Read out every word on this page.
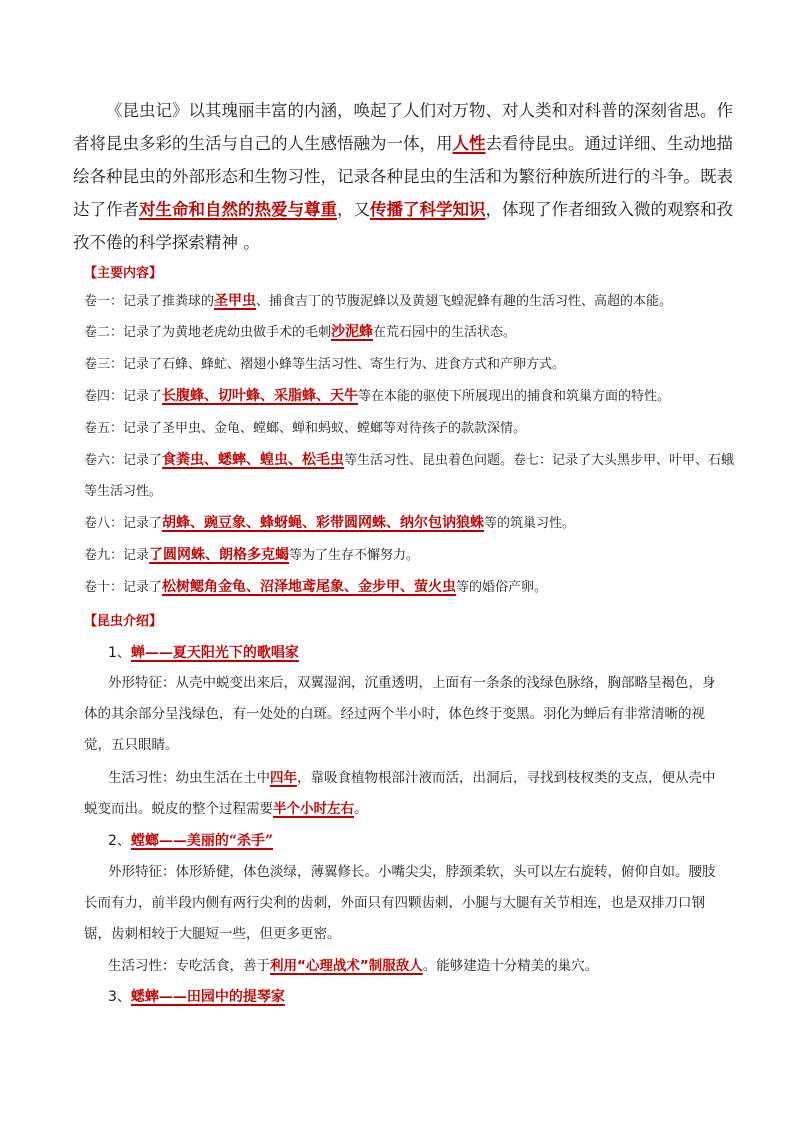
《昆虫记》以其瑰丽丰富的内涵，唤起了人们对万物、对人类和对科普的深刻省思。作者将昆虫多彩的生活与自己的人生感悟融为一体，用人性去看待昆虫。通过详细、生动地描绘各种昆虫的外部形态和生物习性，记录各种昆虫的生活和为繁衍种族所进行的斗争。既表达了作者对生命和自然的热爱与尊重，又传播了科学知识，体现了作者细致入微的观察和孜孜不倦的科学探索精神 。

【主要内容】

卷一：记录了推粪球的圣甲虫、捕食吉丁的节腹泥蜂以及黄翅飞蝗泥蜂有趣的生活习性、高超的本能。

卷二：记录了为黄地老虎幼虫做手术的毛刺沙泥蜂在荒石园中的生活状态。

卷三：记录了石蜂、蜂虻、褶翅小蜂等生活习性、寄生行为、进食方式和产卵方式。

卷四：记录了长腹蜂、切叶蜂、采脂蜂、天牛等在本能的驱使下所展现出的捕食和筑巢方面的特性。

卷五：记录了圣甲虫、金龟、螳螂、蝉和蚂蚁、螳螂等对待孩子的款款深情。

卷六：记录了食粪虫、蟋蟀、蝗虫、松毛虫等生活习性、昆虫着色问题。卷七：记录了大头黑步甲、叶甲、石蛾等生活习性。

卷八：记录了胡蜂、豌豆象、蜂蚜蝇、彩带圆网蛛、纳尔包讷狼蛛等的筑巢习性。

卷九：记录了圆网蛛、朗格多克蝎等为了生存不懈努力。

卷十：记录了松树鳃角金龟、沼泽地鸢尾象、金步甲、萤火虫等的婚俗产卵。

【昆虫介绍】

1、蝉——夏天阳光下的歌唱家

外形特征：从壳中蜕变出来后，双翼湿润，沉重透明，上面有一条条的浅绿色脉络，胸部略呈褐色，身体的其余部分呈浅绿色，有一处处的白斑。经过两个半小时，体色终于变黑。羽化为蝉后有非常清晰的视觉，五只眼睛。

生活习性：幼虫生活在土中四年，靠吸食植物根部汁液而活，出洞后，寻找到枝杈类的支点，便从壳中蜕变而出。蜕皮的整个过程需要半个小时左右。

2、螳螂——美丽的“杀手”

外形特征：体形矫健，体色淡绿，薄翼修长。小嘴尖尖，脖颈柔软，头可以左右旋转，俯仰自如。腰肢长而有力，前半段内侧有两行尖利的齿刺，外面只有四颗齿刺，小腿与大腿有关节相连，也是双排刀口钢锯，齿刺相较于大腿短一些，但更多更密。

生活习性：专吃活食，善于利用“心理战术”制服敌人。能够建造十分精美的巢穴。

3、蟋蟀——田园中的提琴家
